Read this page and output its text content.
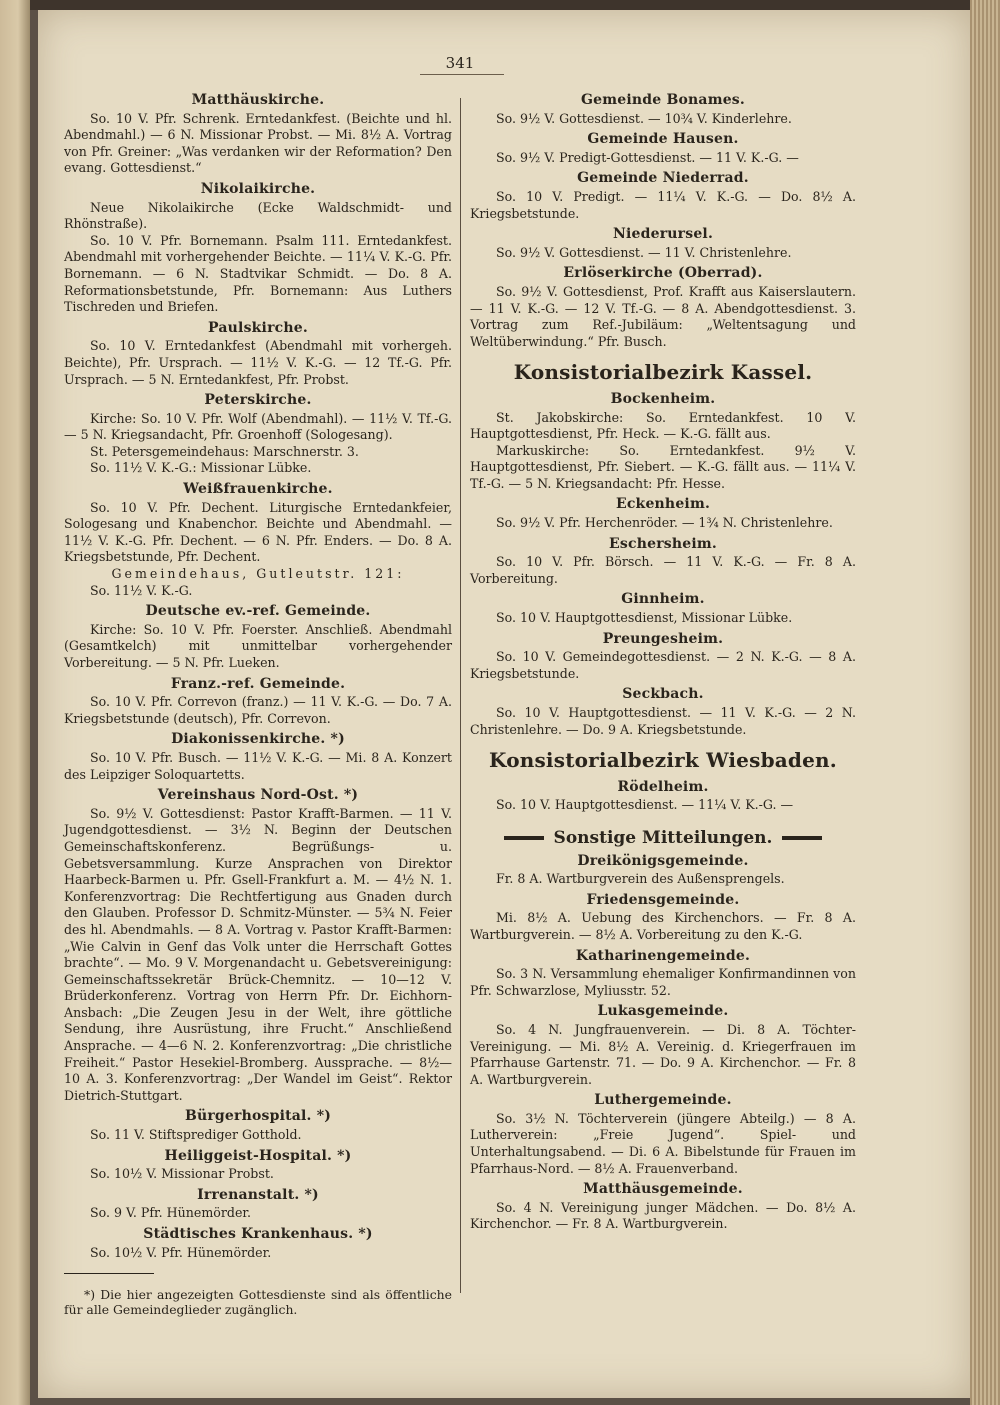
341
Matthäuskirche.

So. 10 V. Pfr. Schrenk. Erntedankfest. (Beichte und hl. Abendmahl.) — 6 N. Missionar Probst. — Mi. 8½ A. Vortrag von Pfr. Greiner: „Was verdanken wir der Reformation? Den evang. Gottesdienst.“

Nikolaikirche.

Neue Nikolaikirche (Ecke Waldschmidt- und Rhönstraße).

So. 10 V. Pfr. Bornemann. Psalm 111. Erntedankfest. Abendmahl mit vorhergehender Beichte. — 11¼ V. K.-G. Pfr. Bornemann. — 6 N. Stadtvikar Schmidt. — Do. 8 A. Reformationsbetstunde, Pfr. Bornemann: Aus Luthers Tischreden und Briefen.

Paulskirche.

So. 10 V. Erntedankfest (Abendmahl mit vorhergeh. Beichte), Pfr. Ursprach. — 11½ V. K.-G. — 12 Tf.-G. Pfr. Ursprach. — 5 N. Erntedankfest, Pfr. Probst.

Peterskirche.

Kirche: So. 10 V. Pfr. Wolf (Abendmahl). — 11½ V. Tf.-G. — 5 N. Kriegsandacht, Pfr. Groenhoff (Sologesang).

St. Petersgemeindehaus: Marschnerstr. 3.

So. 11½ V. K.-G.: Missionar Lübke.

Weißfrauenkirche.

So. 10 V. Pfr. Dechent. Liturgische Erntedankfeier, Sologesang und Knabenchor. Beichte und Abendmahl. — 11½ V. K.-G. Pfr. Dechent. — 6 N. Pfr. Enders. — Do. 8 A. Kriegsbetstunde, Pfr. Dechent.

Gemeindehaus, Gutleutstr. 121:

So. 11½ V. K.-G.

Deutsche ev.-ref. Gemeinde.

Kirche: So. 10 V. Pfr. Foerster. Anschließ. Abendmahl (Gesamtkelch) mit unmittelbar vorhergehender Vorbereitung. — 5 N. Pfr. Lueken.

Franz.-ref. Gemeinde.

So. 10 V. Pfr. Correvon (franz.) — 11 V. K.-G. — Do. 7 A. Kriegsbetstunde (deutsch), Pfr. Correvon.

Diakonissenkirche. *)

So. 10 V. Pfr. Busch. — 11½ V. K.-G. — Mi. 8 A. Konzert des Leipziger Soloquartetts.

Vereinshaus Nord-Ost. *)

So. 9½ V. Gottesdienst: Pastor Krafft-Barmen. — 11 V. Jugendgottesdienst. — 3½ N. Beginn der Deutschen Gemeinschaftskonferenz. Begrüßungs- u. Gebetsversammlung. Kurze Ansprachen von Direktor Haarbeck-Barmen u. Pfr. Gsell-Frankfurt a. M. — 4½ N. 1. Konferenzvortrag: Die Rechtfertigung aus Gnaden durch den Glauben. Professor D. Schmitz-Münster. — 5¾ N. Feier des hl. Abendmahls. — 8 A. Vortrag v. Pastor Krafft-Barmen: „Wie Calvin in Genf das Volk unter die Herrschaft Gottes brachte“. — Mo. 9 V. Morgenandacht u. Gebetsvereinigung: Gemeinschaftssekretär Brück-Chemnitz. — 10—12 V. Brüderkonferenz. Vortrag von Herrn Pfr. Dr. Eichhorn-Ansbach: „Die Zeugen Jesu in der Welt, ihre göttliche Sendung, ihre Ausrüstung, ihre Frucht.“ Anschließend Ansprache. — 4—6 N. 2. Konferenzvortrag: „Die christliche Freiheit.“ Pastor Hesekiel-Bromberg. Aussprache. — 8½—10 A. 3. Konferenzvortrag: „Der Wandel im Geist“. Rektor Dietrich-Stuttgart.

Bürgerhospital. *)

So. 11 V. Stiftsprediger Gotthold.

Heiliggeist-Hospital. *)

So. 10½ V. Missionar Probst.

Irrenanstalt. *)

So. 9 V. Pfr. Hünemörder.

Städtisches Krankenhaus. *)

So. 10½ V. Pfr. Hünemörder.

*) Die hier angezeigten Gottesdienste sind als öffentliche für alle Gemeindeglieder zugänglich.

Gemeinde Bonames.

So. 9½ V. Gottesdienst. — 10¾ V. Kinderlehre.

Gemeinde Hausen.

So. 9½ V. Predigt-Gottesdienst. — 11 V. K.-G. —

Gemeinde Niederrad.

So. 10 V. Predigt. — 11¼ V. K.-G. — Do. 8½ A. Kriegsbetstunde.

Niederursel.

So. 9½ V. Gottesdienst. — 11 V. Christenlehre.

Erlöserkirche (Oberrad).

So. 9½ V. Gottesdienst, Prof. Krafft aus Kaiserslautern. — 11 V. K.-G. — 12 V. Tf.-G. — 8 A. Abendgottesdienst. 3. Vortrag zum Ref.-Jubiläum: „Weltentsagung und Weltüberwindung.“ Pfr. Busch.

Konsistorialbezirk Kassel.
Bockenheim.

St. Jakobskirche: So. Erntedankfest. 10 V. Hauptgottesdienst, Pfr. Heck. — K.-G. fällt aus.

Markuskirche: So. Erntedankfest. 9½ V. Hauptgottesdienst, Pfr. Siebert. — K.-G. fällt aus. — 11¼ V. Tf.-G. — 5 N. Kriegsandacht: Pfr. Hesse.

Eckenheim.

So. 9½ V. Pfr. Herchenröder. — 1¾ N. Christenlehre.

Eschersheim.

So. 10 V. Pfr. Börsch. — 11 V. K.-G. — Fr. 8 A. Vorbereitung.

Ginnheim.

So. 10 V. Hauptgottesdienst, Missionar Lübke.

Preungesheim.

So. 10 V. Gemeindegottesdienst. — 2 N. K.-G. — 8 A. Kriegsbetstunde.

Seckbach.

So. 10 V. Hauptgottesdienst. — 11 V. K.-G. — 2 N. Christenlehre. — Do. 9 A. Kriegsbetstunde.

Konsistorialbezirk Wiesbaden.
Rödelheim.

So. 10 V. Hauptgottesdienst. — 11¼ V. K.-G. —

Sonstige Mitteilungen.
Dreikönigsgemeinde.

Fr. 8 A. Wartburgverein des Außensprengels.

Friedensgemeinde.

Mi. 8½ A. Uebung des Kirchenchors. — Fr. 8 A. Wartburgverein. — 8½ A. Vorbereitung zu den K.-G.

Katharinengemeinde.

So. 3 N. Versammlung ehemaliger Konfirmandinnen von Pfr. Schwarzlose, Myliusstr. 52.

Lukasgemeinde.

So. 4 N. Jungfrauenverein. — Di. 8 A. Töchter-Vereinigung. — Mi. 8½ A. Vereinig. d. Kriegerfrauen im Pfarrhause Gartenstr. 71. — Do. 9 A. Kirchenchor. — Fr. 8 A. Wartburgverein.

Luthergemeinde.

So. 3½ N. Töchterverein (jüngere Abteilg.) — 8 A. Lutherverein: „Freie Jugend“. Spiel- und Unterhaltungsabend. — Di. 6 A. Bibelstunde für Frauen im Pfarrhaus-Nord. — 8½ A. Frauenverband.

Matthäusgemeinde.

So. 4 N. Vereinigung junger Mädchen. — Do. 8½ A. Kirchenchor. — Fr. 8 A. Wartburgverein.
